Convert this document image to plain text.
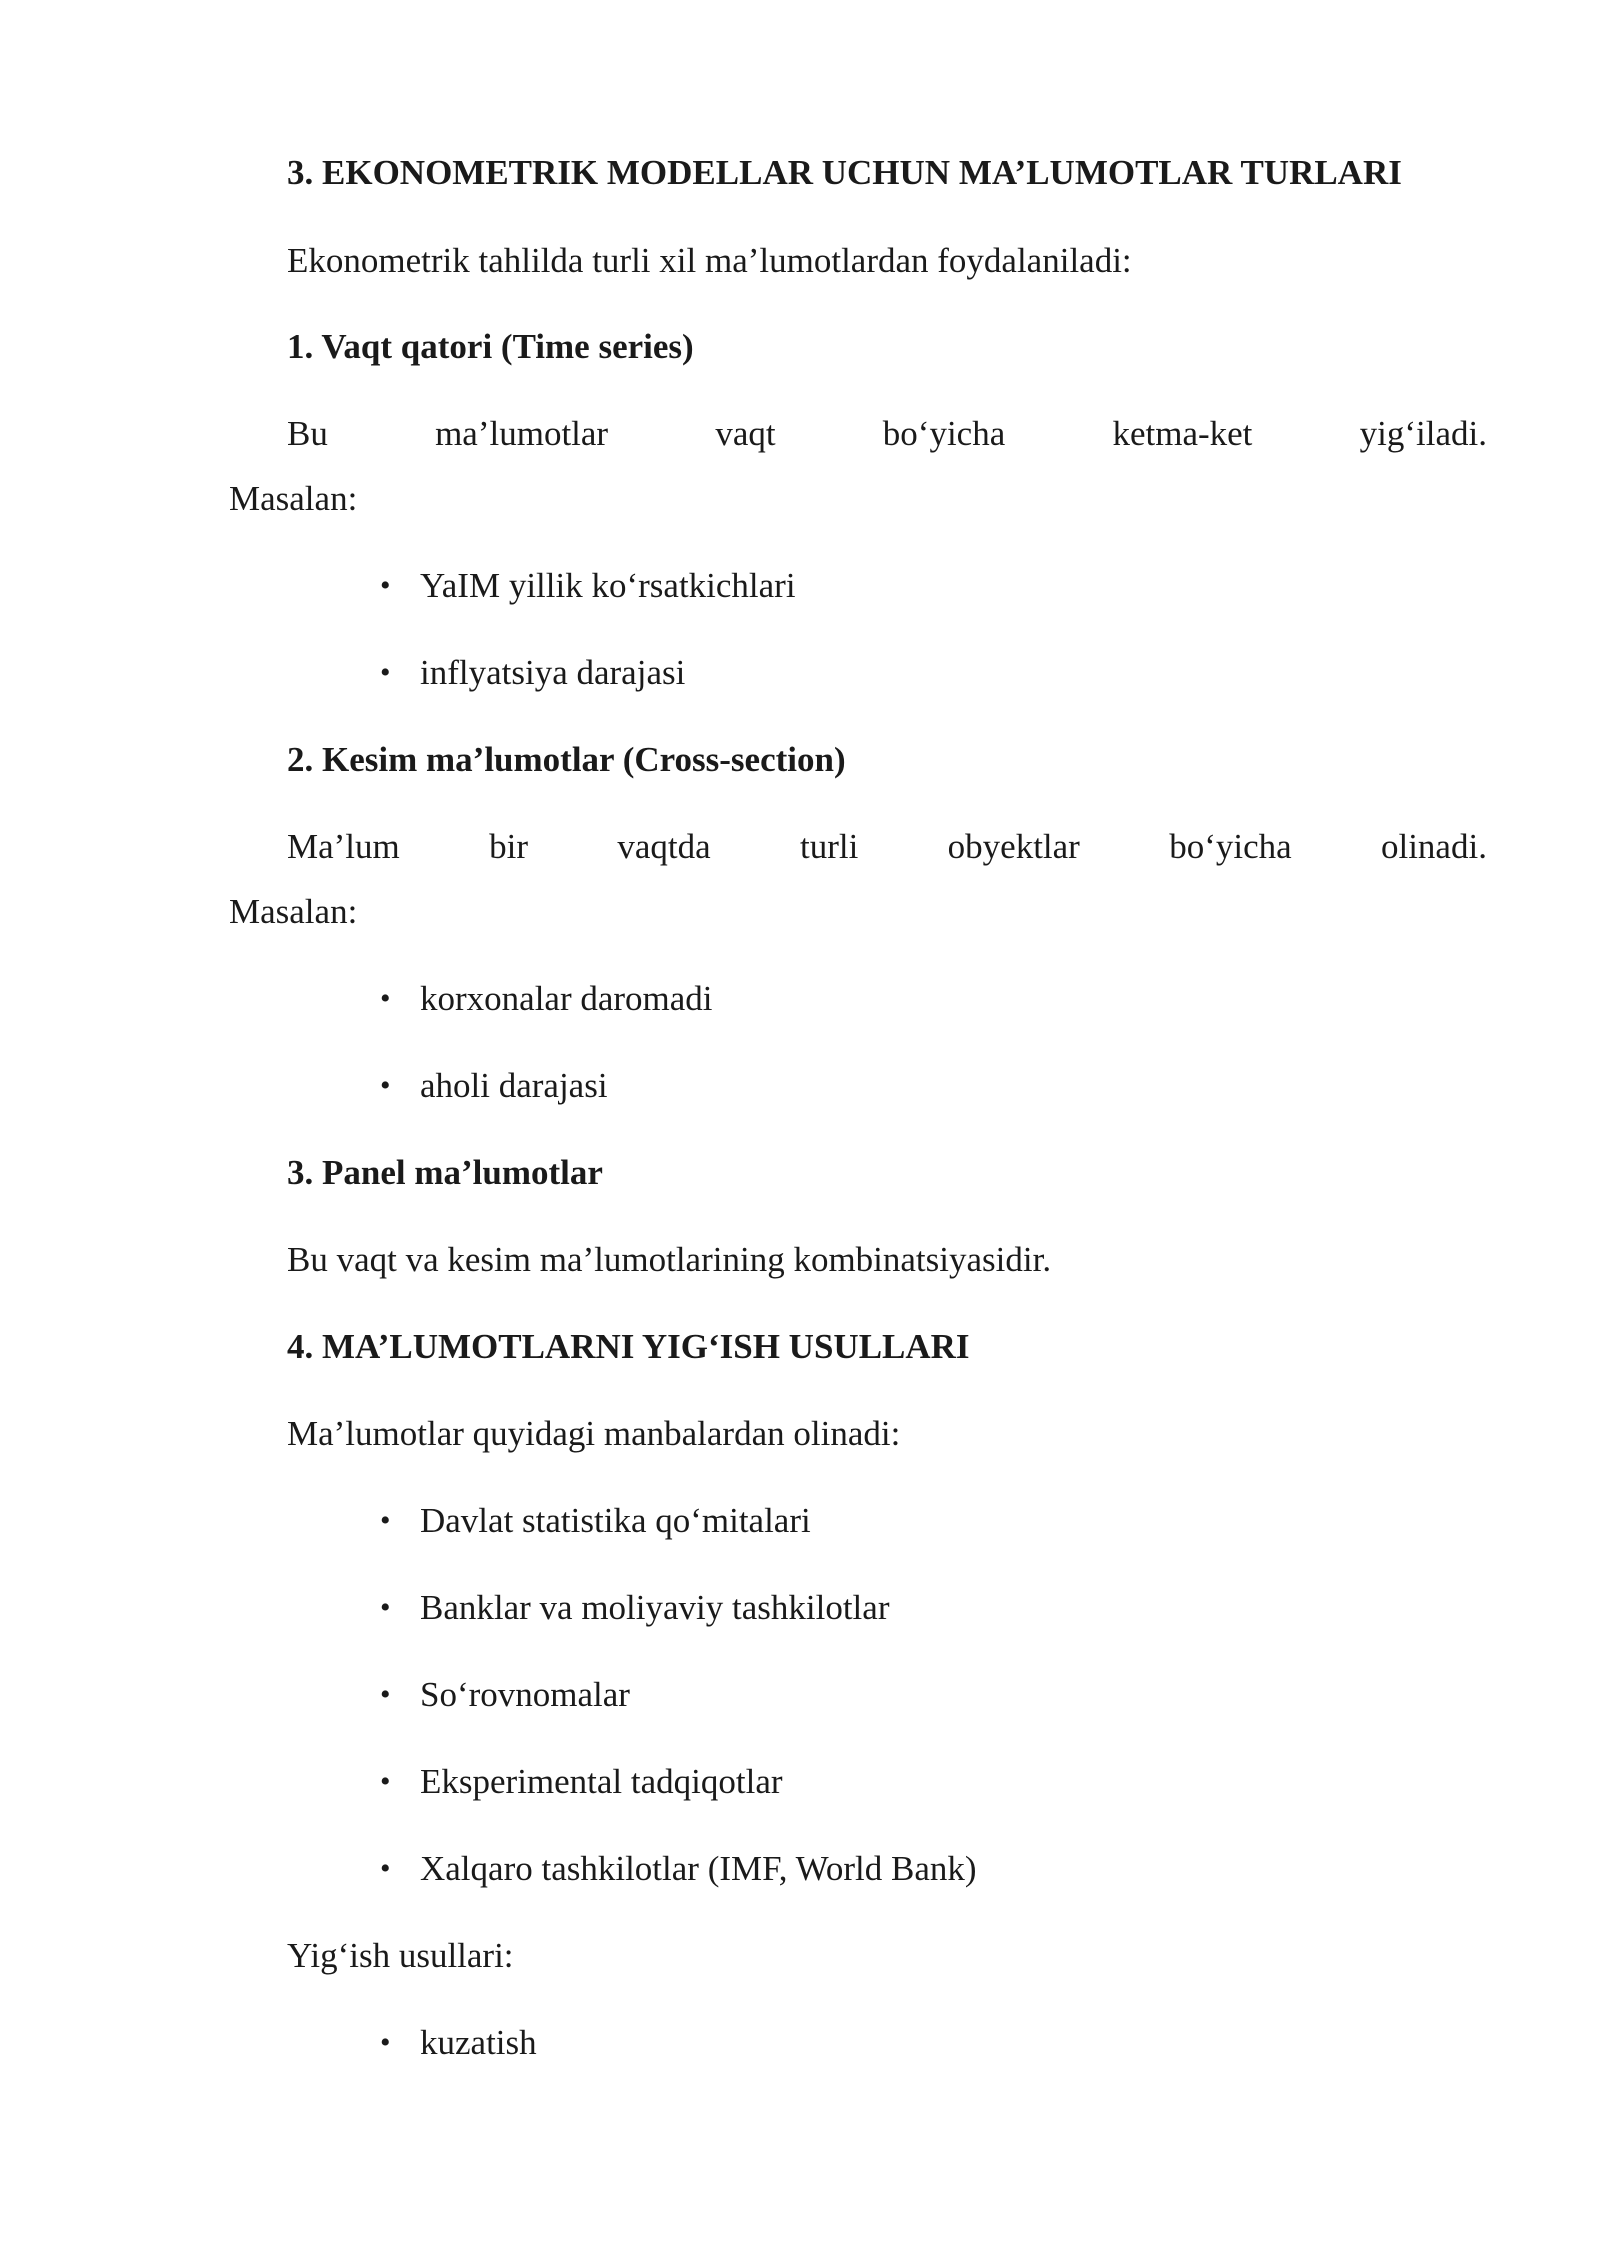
3. EKONOMETRIK MODELLAR UCHUN MA’LUMOTLAR TURLARI

Ekonometrik tahlilda turli xil ma’lumotlardan foydalaniladi:

1. Vaqt qatori (Time series)

Bu	ma’lumotlar	vaqt	bo‘yicha	ketma-ket	yig‘iladi.

Masalan:

• YaIM yillik ko‘rsatkichlari

• inflyatsiya darajasi

2. Kesim ma’lumotlar (Cross-section)

Ma’lum	bir	vaqtda	turli	obyektlar	bo‘yicha	olinadi.

Masalan:

• korxonalar daromadi

• aholi darajasi

3. Panel ma’lumotlar

Bu vaqt va kesim ma’lumotlarining kombinatsiyasidir.

4. MA’LUMOTLARNI YIG‘ISH USULLARI

Ma’lumotlar quyidagi manbalardan olinadi:

• Davlat statistika qo‘mitalari

• Banklar va moliyaviy tashkilotlar

• So‘rovnomalar

• Eksperimental tadqiqotlar

• Xalqaro tashkilotlar (IMF, World Bank)

Yig‘ish usullari:

• kuzatish
